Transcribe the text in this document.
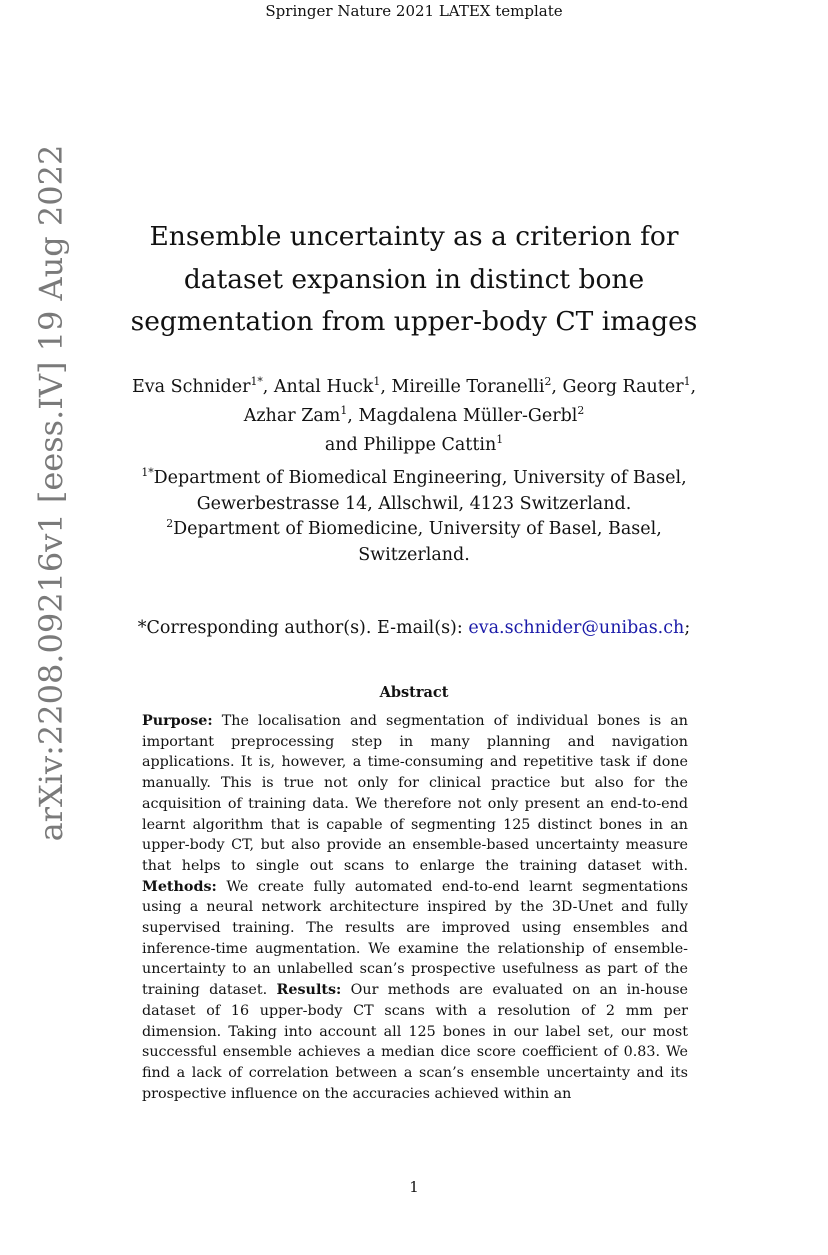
Springer Nature 2021 LATEX template
arXiv:2208.09216v1 [eess.IV] 19 Aug 2022	Ensemble uncertainty as a criterion for dataset expansion in distinct bone segmentation from upper-body CT images
Eva Schnider$^{1*}$, Antal Huck$^1$, Mireille Toranelli$^2$, Georg Rauter$^1$, Azhar Zam$^1$, Magdalena Müller-Gerbl$^2$
and Philippe Cattin$^1$
$^{1*}$Department of Biomedical Engineering, University of Basel, Gewerbestrasse 14, Allschwil, 4123 Switzerland.
$^2$Department of Biomedicine, University of Basel, Basel, Switzerland.
*Corresponding author(s). E-mail(s): eva.schnider@unibas.ch;
Abstract
Purpose: The localisation and segmentation of individual bones is an important preprocessing step in many planning and navigation applications. It is, however, a time-consuming and repetitive task if done manually. This is true not only for clinical practice but also for the acquisition of training data. We therefore not only present an end-to-end learnt algorithm that is capable of segmenting 125 distinct bones in an upper-body CT, but also provide an ensemble-based uncertainty measure that helps to single out scans to enlarge the training dataset with. Methods: We create fully automated end-to-end learnt segmentations using a neural network architecture inspired by the 3D-Unet and fully supervised training. The results are improved using ensembles and inference-time augmentation. We examine the relationship of ensemble-uncertainty to an unlabelled scan’s prospective usefulness as part of the training dataset. Results: Our methods are evaluated on an in-house dataset of 16 upper-body CT scans with a resolution of 2 mm per dimension. Taking into account all 125 bones in our label set, our most successful ensemble achieves a median dice score coefficient of 0.83. We find a lack of correlation between a scan’s ensemble uncertainty and its prospective influence on the accuracies achieved within an
1
